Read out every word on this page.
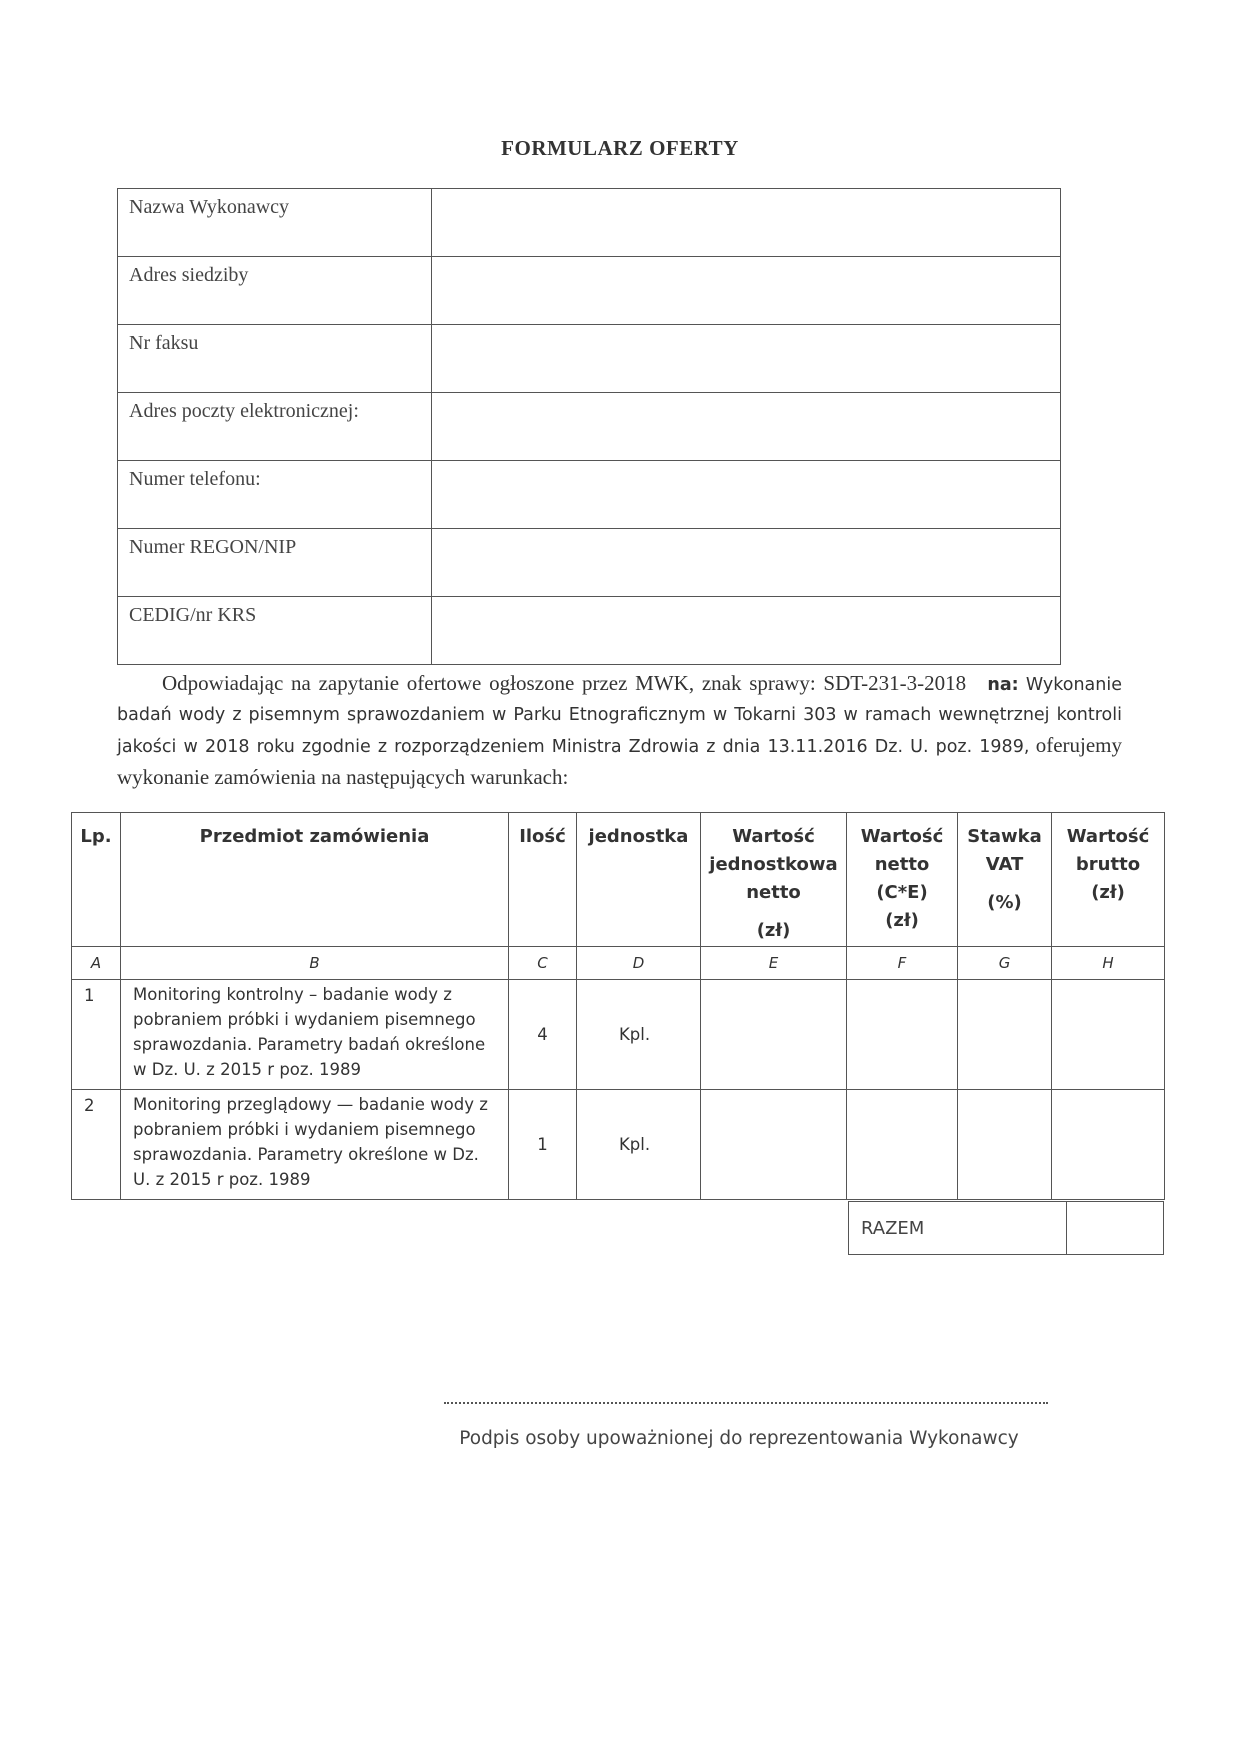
FORMULARZ OFERTY
Nazwa Wykonawcy	
Adres siedziby	
Nr faksu	
Adres poczty elektronicznej:	
Numer telefonu:	
Numer REGON/NIP	
CEDIG/nr KRS	

Odpowiadając na zapytanie ofertowe ogłoszone przez MWK, znak sprawy: SDT-231-3-2018 na: Wykonanie badań wody z pisemnym sprawozdaniem w Parku Etnograficznym w Tokarni 303 w ramach wewnętrznej kontroli jakości w 2018 roku zgodnie z rozporządzeniem Ministra Zdrowia z dnia 13.11.2016 Dz. U. poz. 1989, oferujemy wykonanie zamówienia na następujących warunkach:

Lp.	Przedmiot zamówienia	Ilość	jednostka	Wartość
jednostkowa
netto
(zł)	Wartość
netto
(C*E)
(zł)	Stawka
VAT
(%)	Wartość
brutto
(zł)

A	B	C	D	E	F	G	H
1	Monitoring kontrolny – badanie wody z pobraniem próbki i wydaniem pisemnego sprawozdania. Parametry badań określone w Dz. U. z 2015 r poz. 1989	4	Kpl.				
2	Monitoring przeglądowy — badanie wody z pobraniem próbki i wydaniem pisemnego sprawozdania. Parametry określone w Dz. U. z 2015 r poz. 1989	1	Kpl.				
RAZEM	
Podpis osoby upoważnionej do reprezentowania Wykonawcy
